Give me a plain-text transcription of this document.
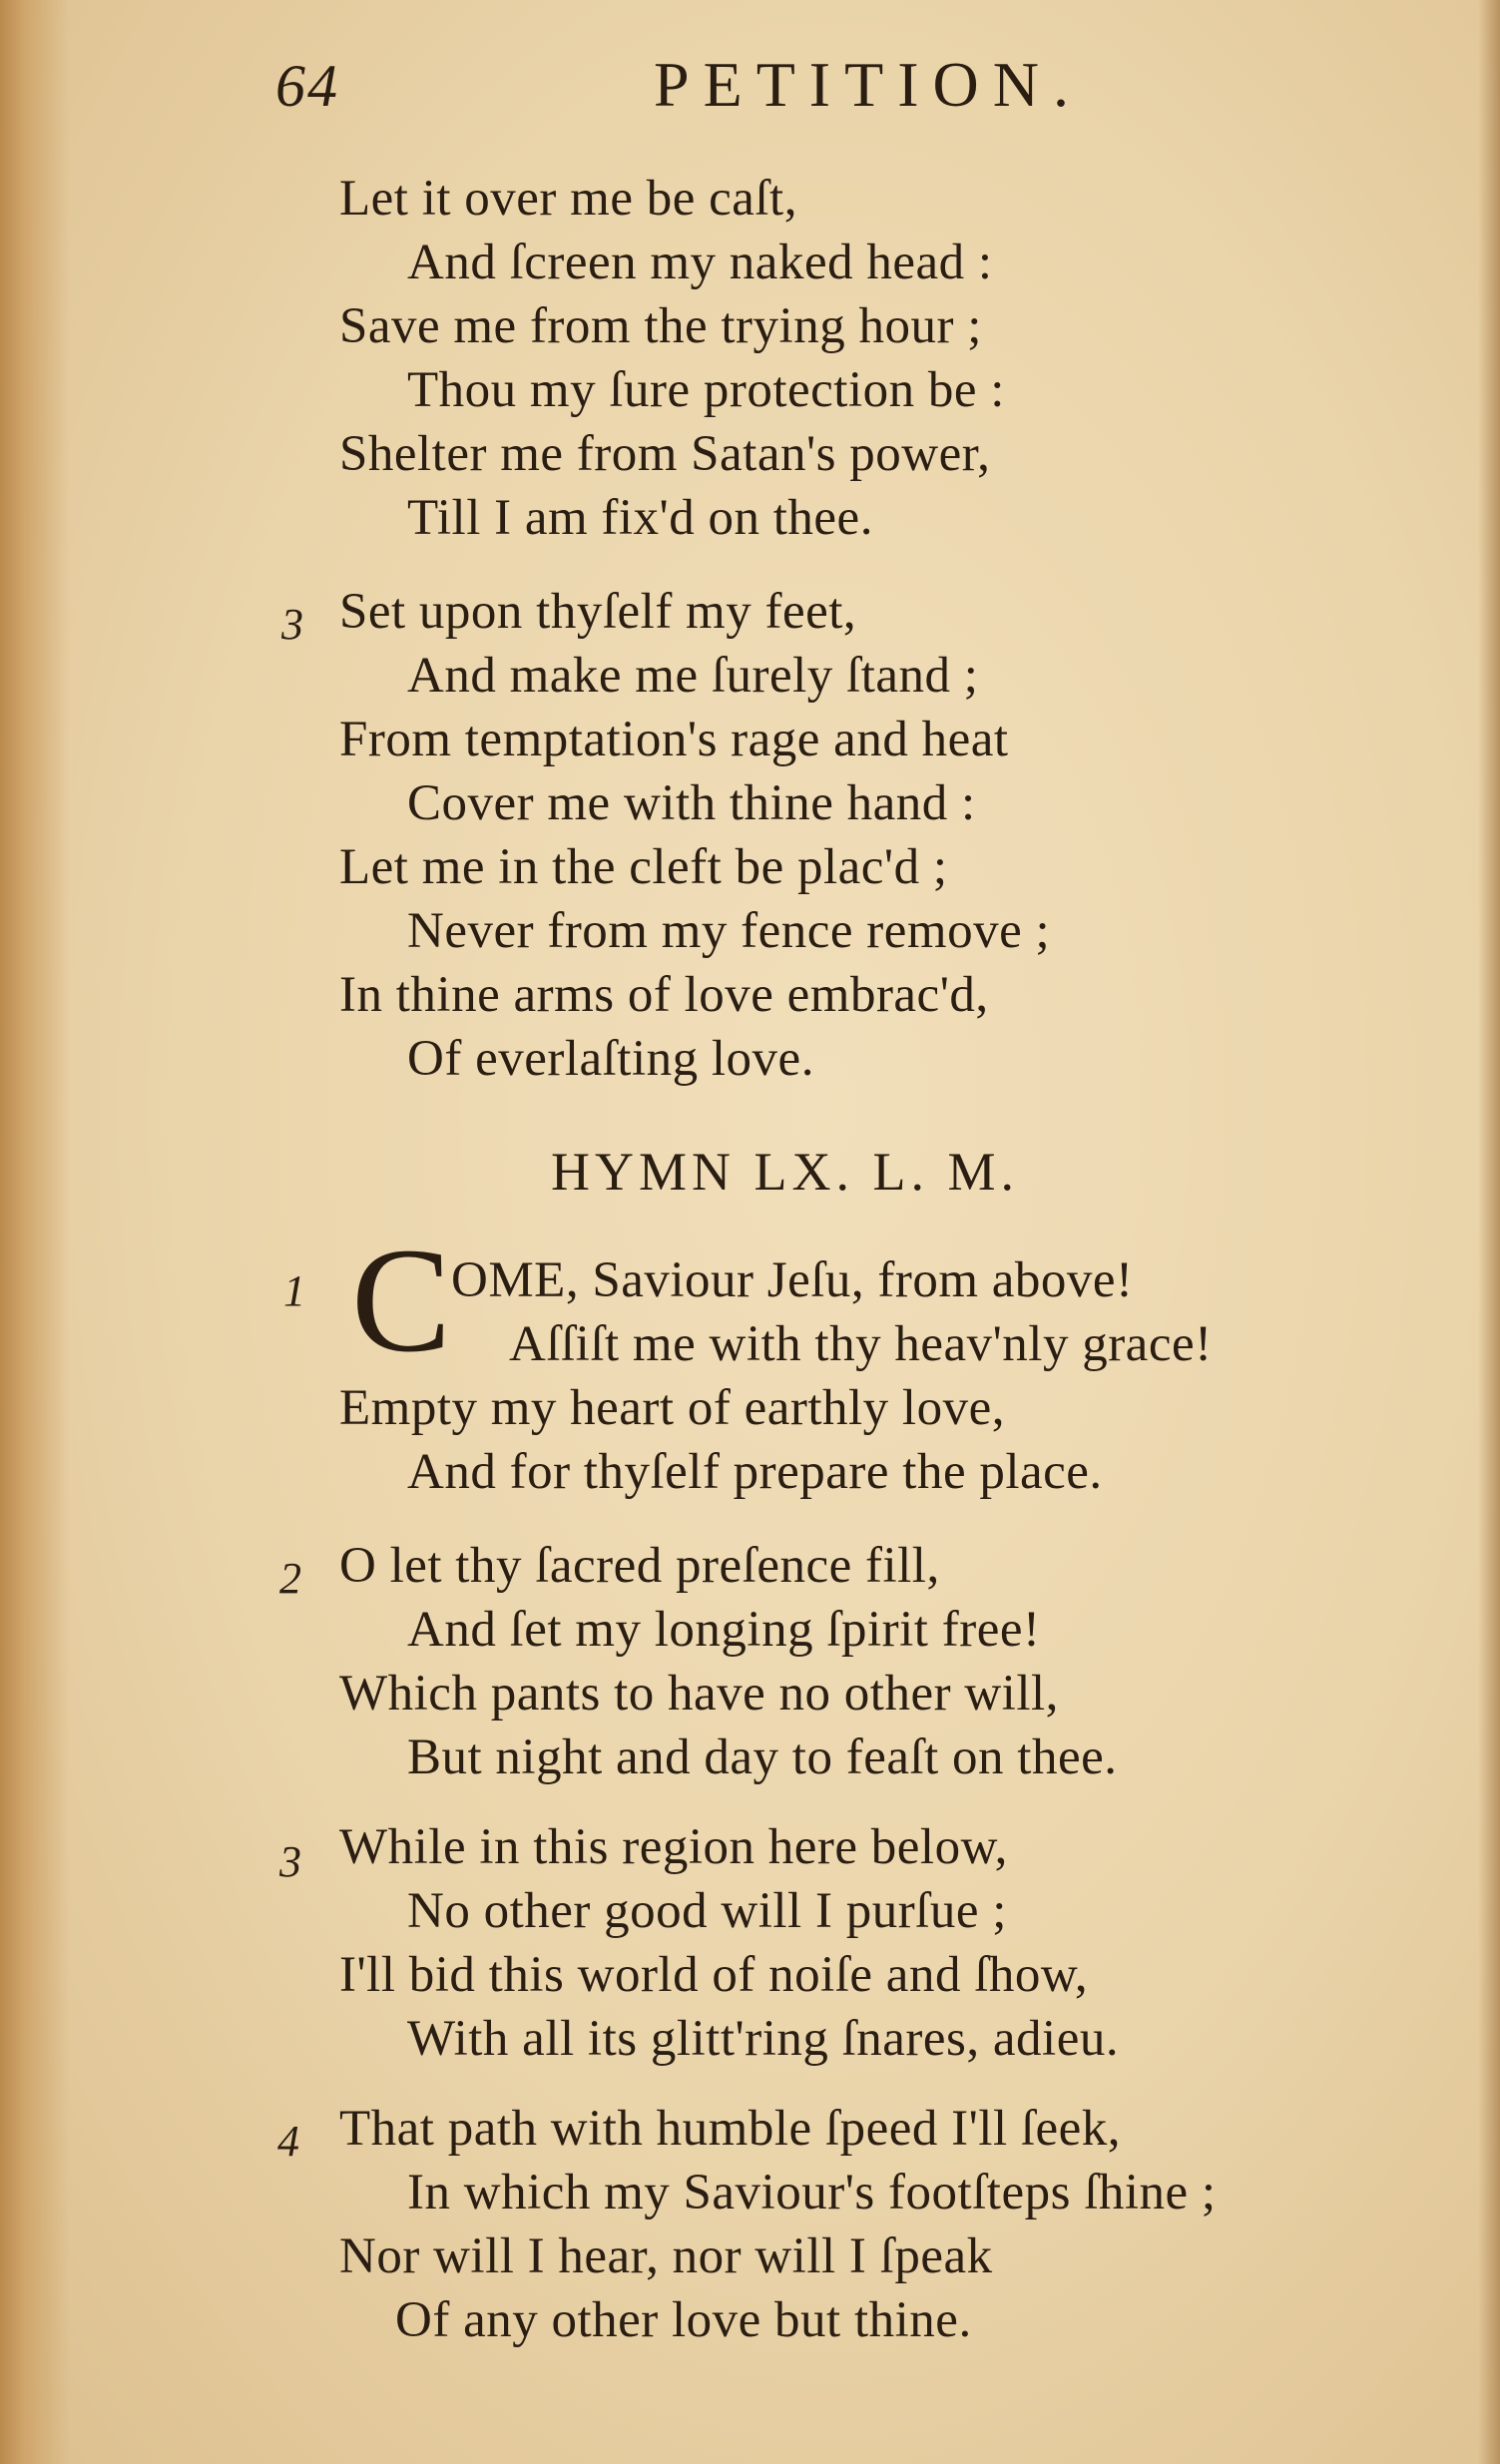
64	PETITION.
Let it over me be caſt,
And ſcreen my naked head :
Save me from the trying hour ;
Thou my ſure protection be :
Shelter me from Satan's power,
Till I am fix'd on thee.
3 Set upon thyſelf my feet,
And make me ſurely ſtand ;
From temptation's rage and heat
Cover me with thine hand :
Let me in the cleft be plac'd ;
Never from my fence remove ;
In thine arms of love embrac'd,
Of everlaſting love.
HYMN LX. L. M.
1 C OME, Saviour Jeſu, from above!
Aſſiſt me with thy heav'nly grace!
Empty my heart of earthly love,
And for thyſelf prepare the place.
2 O let thy ſacred preſence fill,
And ſet my longing ſpirit free!
Which pants to have no other will,
But night and day to feaſt on thee.
3 While in this region here below,
No other good will I purſue ;
I'll bid this world of noiſe and ſhow,
With all its glitt'ring ſnares, adieu.
4 That path with humble ſpeed I'll ſeek,
In which my Saviour's footſteps ſhine ;
Nor will I hear, nor will I ſpeak
Of any other love but thine.
